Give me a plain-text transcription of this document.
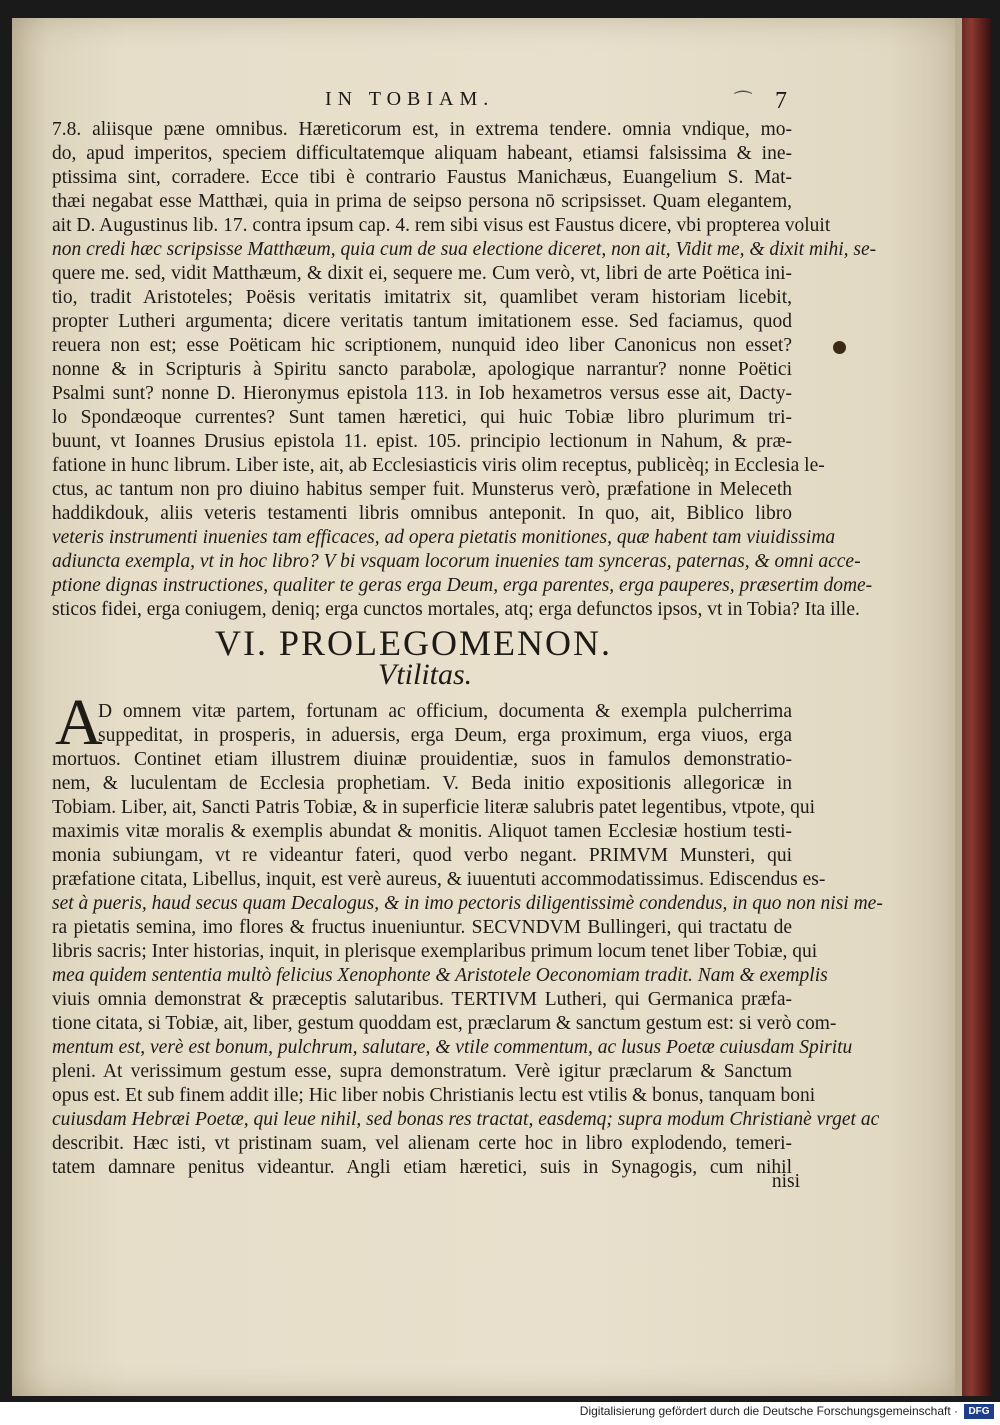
IN TOBIAM.	⁀ 7
7.8. aliisque pæne omnibus. Hæreticorum est, in extrema tendere. omnia vndique, mo-
do, apud imperitos, speciem difficultatemque aliquam habeant, etiamsi falsissima & ine-
ptissima sint, corradere. Ecce tibi è contrario Faustus Manichæus, Euangelium S. Mat-
thæi negabat esse Matthæi, quia in prima de seipso persona nō scripsisset. Quam elegantem,
ait D. Augustinus lib. 17. contra ipsum cap. 4. rem sibi visus est Faustus dicere, vbi propterea voluit
non credi hæc scripsisse Matthæum, quia cum de sua electione diceret, non ait, Vidit me, & dixit mihi, se-
quere me. sed, vidit Matthæum, & dixit ei, sequere me. Cum verò, vt, libri de arte Poëtica ini-
tio, tradit Aristoteles; Poësis veritatis imitatrix sit, quamlibet veram historiam licebit,
propter Lutheri argumenta; dicere veritatis tantum imitationem esse. Sed faciamus, quod
reuera non est; esse Poëticam hic scriptionem, nunquid ideo liber Canonicus non esset?
nonne & in Scripturis à Spiritu sancto parabolæ, apologique narrantur? nonne Poëtici
Psalmi sunt? nonne D. Hieronymus epistola 113. in Iob hexametros versus esse ait, Dacty-
lo Spondæoque currentes? Sunt tamen hæretici, qui huic Tobiæ libro plurimum tri-
buunt, vt Ioannes Drusius epistola 11. epist. 105. principio lectionum in Nahum, & præ-
fatione in hunc librum. Liber iste, ait, ab Ecclesiasticis viris olim receptus, publicèq; in Ecclesia le-
ctus, ac tantum non pro diuino habitus semper fuit. Munsterus verò, præfatione in Meleceth
haddikdouk, aliis veteris testamenti libris omnibus anteponit. In quo, ait, Biblico libro
veteris instrumenti inuenies tam efficaces, ad opera pietatis monitiones, quæ habent tam viuidissima
adiuncta exempla, vt in hoc libro? V bi vsquam locorum inuenies tam synceras, paternas, & omni acce-
ptione dignas instructiones, qualiter te geras erga Deum, erga parentes, erga pauperes, præsertim dome-
sticos fidei, erga coniugem, deniq; erga cunctos mortales, atq; erga defunctos ipsos, vt in Tobia? Ita ille.
VI. PROLEGOMENON.
Vtilitas.
A
D omnem vitæ partem, fortunam ac officium, documenta & exempla pulcherrima
suppeditat, in prosperis, in aduersis, erga Deum, erga proximum, erga viuos, erga
mortuos. Continet etiam illustrem diuinæ prouidentiæ, suos in famulos demonstratio-
nem, & luculentam de Ecclesia prophetiam. V. Beda initio expositionis allegoricæ in
Tobiam. Liber, ait, Sancti Patris Tobiæ, & in superficie literæ salubris patet legentibus, vtpote, qui
maximis vitæ moralis & exemplis abundat & monitis. Aliquot tamen Ecclesiæ hostium testi-
monia subiungam, vt re videantur fateri, quod verbo negant. PRIMVM Munsteri, qui
præfatione citata, Libellus, inquit, est verè aureus, & iuuentuti accommodatissimus. Ediscendus es-
set à pueris, haud secus quam Decalogus, & in imo pectoris diligentissimè condendus, in quo non nisi me-
ra pietatis semina, imo flores & fructus inueniuntur. SECVNDVM Bullingeri, qui tractatu de
libris sacris; Inter historias, inquit, in plerisque exemplaribus primum locum tenet liber Tobiæ, qui
mea quidem sententia multò felicius Xenophonte & Aristotele Oeconomiam tradit. Nam & exemplis
viuis omnia demonstrat & præceptis salutaribus. TERTIVM Lutheri, qui Germanica præfa-
tione citata, si Tobiæ, ait, liber, gestum quoddam est, præclarum & sanctum gestum est: si verò com-
mentum est, verè est bonum, pulchrum, salutare, & vtile commentum, ac lusus Poetæ cuiusdam Spiritu
pleni. At verissimum gestum esse, supra demonstratum. Verè igitur præclarum & Sanctum
opus est. Et sub finem addit ille; Hic liber nobis Christianis lectu est vtilis & bonus, tanquam boni
cuiusdam Hebræi Poetæ, qui leue nihil, sed bonas res tractat, easdemq; supra modum Christianè vrget ac
describit. Hæc isti, vt pristinam suam, vel alienam certe hoc in libro explodendo, temeri-
tatem damnare penitus videantur. Angli etiam hæretici, suis in Synagogis, cum nihil
nisi
Digitalisierung gefördert durch die Deutsche Forschungsgemeinschaft ·	DFG
